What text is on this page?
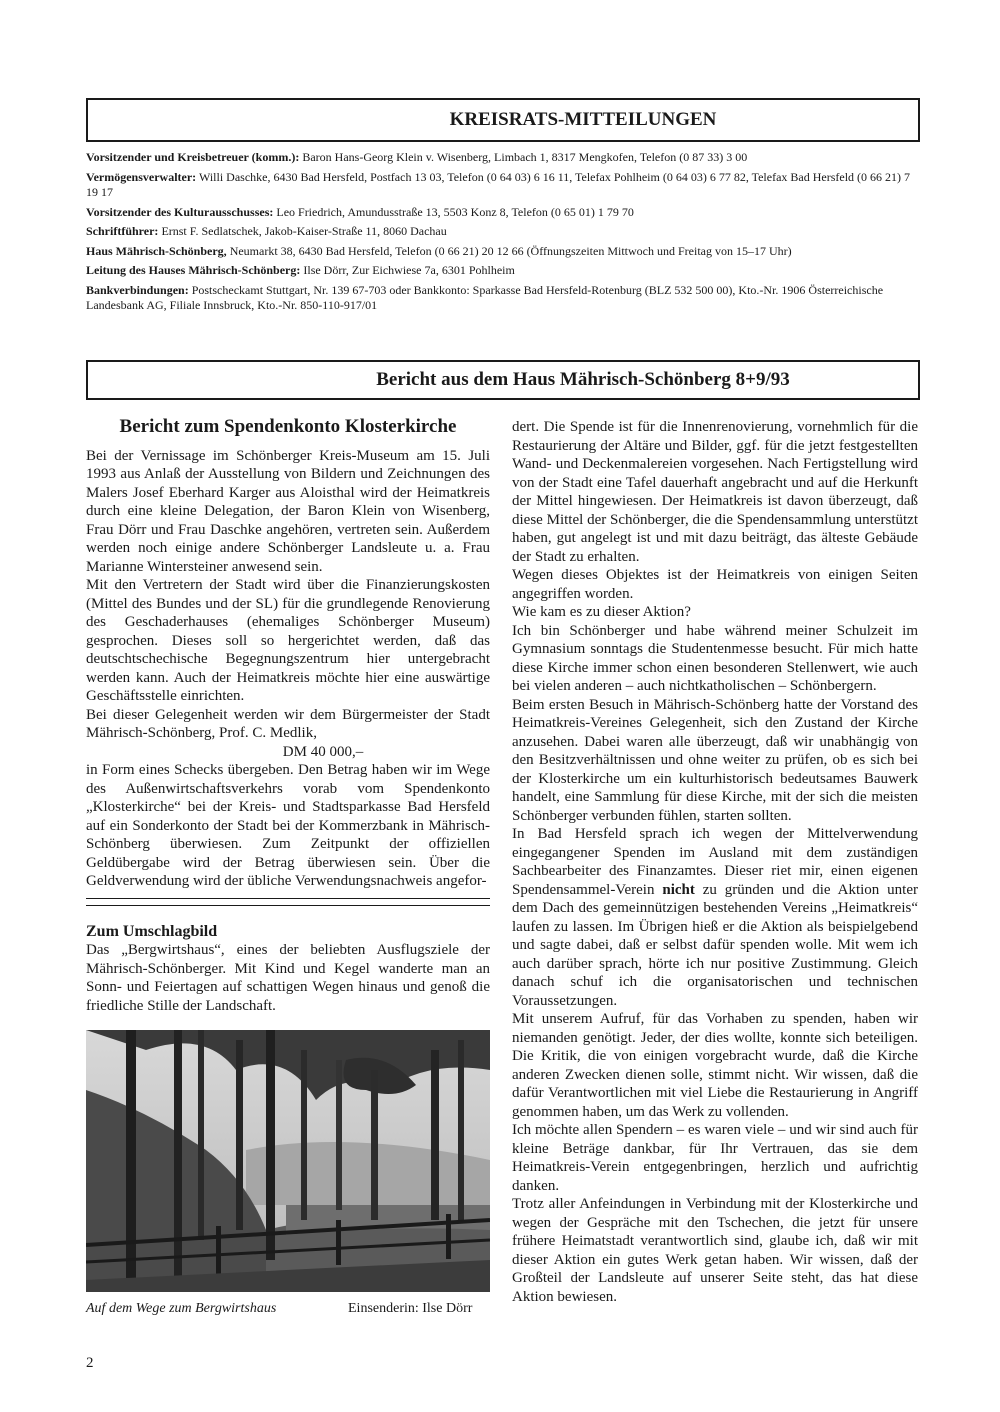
KREISRATS-MITTEILUNGEN

Vorsitzender und Kreisbetreuer (komm.): Baron Hans-Georg Klein v. Wisenberg, Limbach 1, 8317 Mengkofen, Telefon (0 87 33) 3 00

Vermögensverwalter: Willi Daschke, 6430 Bad Hersfeld, Postfach 13 03, Telefon (0 64 03) 6 16 11, Telefax Pohlheim (0 64 03) 6 77 82, Telefax Bad Hersfeld (0 66 21) 7 19 17

Vorsitzender des Kulturausschusses: Leo Friedrich, Amundusstraße 13, 5503 Konz 8, Telefon (0 65 01) 1 79 70

Schriftführer: Ernst F. Sedlatschek, Jakob-Kaiser-Straße 11, 8060 Dachau

Haus Mährisch-Schönberg, Neumarkt 38, 6430 Bad Hersfeld, Telefon (0 66 21) 20 12 66 (Öffnungszeiten Mittwoch und Freitag von 15–17 Uhr)

Leitung des Hauses Mährisch-Schönberg: Ilse Dörr, Zur Eichwiese 7a, 6301 Pohlheim

Bankverbindungen: Postscheckamt Stuttgart, Nr. 139 67-703 oder Bankkonto: Sparkasse Bad Hersfeld-Rotenburg (BLZ 532 500 00), Kto.-Nr. 1906 Österreichische Landesbank AG, Filiale Innsbruck, Kto.-Nr. 850-110-917/01

Bericht aus dem Haus Mährisch-Schönberg 8+9/93
Bericht zum Spendenkonto Klosterkirche

Bei der Vernissage im Schönberger Kreis-Museum am 15. Juli 1993 aus Anlaß der Ausstellung von Bildern und Zeichnungen des Malers Josef Eberhard Karger aus Aloisthal wird der Heimatkreis durch eine kleine Delegation, der Baron Klein von Wisenberg, Frau Dörr und Frau Daschke angehören, vertreten sein. Außerdem werden noch einige andere Schönberger Landsleute u. a. Frau Marianne Wintersteiner anwesend sein.

Mit den Vertretern der Stadt wird über die Finanzierungskosten (Mittel des Bundes und der SL) für die grundlegende Renovierung des Geschaderhauses (ehemaliges Schönberger Museum) gesprochen. Dieses soll so hergerichtet werden, daß das deutschtschechische Begegnungszentrum hier untergebracht werden kann. Auch der Heimatkreis möchte hier eine auswärtige Geschäftsstelle einrichten.

Bei dieser Gelegenheit werden wir dem Bürgermeister der Stadt Mährisch-Schönberg, Prof. C. Medlik,

DM 40 000,–

in Form eines Schecks übergeben. Den Betrag haben wir im Wege des Außenwirtschaftsverkehrs vorab vom Spendenkonto „Klosterkirche“ bei der Kreis- und Stadtsparkasse Bad Hersfeld auf ein Sonderkonto der Stadt bei der Kommerzbank in Mährisch-Schönberg überwiesen. Zum Zeitpunkt der offiziellen Geldübergabe wird der Betrag überwiesen sein. Über die Geldverwendung wird der übliche Verwendungsnachweis angefor-

Zum Umschlagbild

Das „Bergwirtshaus“, eines der beliebten Ausflugsziele der Mährisch-Schönberger. Mit Kind und Kegel wanderte man an Sonn- und Feiertagen auf schattigen Wegen hinaus und genoß die friedliche Stille der Landschaft.

Auf dem Wege zum Bergwirtshaus	Einsenderin: Ilse Dörr

dert. Die Spende ist für die Innenrenovierung, vornehmlich für die Restaurierung der Altäre und Bilder, ggf. für die jetzt festgestellten Wand- und Deckenmalereien vorgesehen. Nach Fertigstellung wird von der Stadt eine Tafel dauerhaft angebracht und auf die Herkunft der Mittel hingewiesen. Der Heimatkreis ist davon überzeugt, daß diese Mittel der Schönberger, die die Spendensammlung unterstützt haben, gut angelegt ist und mit dazu beiträgt, das älteste Gebäude der Stadt zu erhalten.

Wegen dieses Objektes ist der Heimatkreis von einigen Seiten angegriffen worden.

Wie kam es zu dieser Aktion?

Ich bin Schönberger und habe während meiner Schulzeit im Gymnasium sonntags die Studentenmesse besucht. Für mich hatte diese Kirche immer schon einen besonderen Stellenwert, wie auch bei vielen anderen – auch nichtkatholischen – Schönbergern.

Beim ersten Besuch in Mährisch-Schönberg hatte der Vorstand des Heimatkreis-Vereines Gelegenheit, sich den Zustand der Kirche anzusehen. Dabei waren alle überzeugt, daß wir unabhängig von den Besitzverhältnissen und ohne weiter zu prüfen, ob es sich bei der Klosterkirche um ein kulturhistorisch bedeutsames Bauwerk handelt, eine Sammlung für diese Kirche, mit der sich die meisten Schönberger verbunden fühlen, starten sollten.

In Bad Hersfeld sprach ich wegen der Mittelverwendung eingegangener Spenden im Ausland mit dem zuständigen Sachbearbeiter des Finanzamtes. Dieser riet mir, einen eigenen Spendensammel-Verein nicht zu gründen und die Aktion unter dem Dach des gemeinnützigen bestehenden Vereins „Heimatkreis“ laufen zu lassen. Im Übrigen hieß er die Aktion als beispielgebend und sagte dabei, daß er selbst dafür spenden wolle. Mit wem ich auch darüber sprach, hörte ich nur positive Zustimmung. Gleich danach schuf ich die organisatorischen und technischen Voraussetzungen.

Mit unserem Aufruf, für das Vorhaben zu spenden, haben wir niemanden genötigt. Jeder, der dies wollte, konnte sich beteiligen. Die Kritik, die von einigen vorgebracht wurde, daß die Kirche anderen Zwecken dienen solle, stimmt nicht. Wir wissen, daß die dafür Verantwortlichen mit viel Liebe die Restaurierung in Angriff genommen haben, um das Werk zu vollenden.

Ich möchte allen Spendern – es waren viele – und wir sind auch für kleine Beträge dankbar, für Ihr Vertrauen, das sie dem Heimatkreis-Verein entgegenbringen, herzlich und aufrichtig danken.

Trotz aller Anfeindungen in Verbindung mit der Klosterkirche und wegen der Gespräche mit den Tschechen, die jetzt für unsere frühere Heimatstadt verantwortlich sind, glaube ich, daß wir mit dieser Aktion ein gutes Werk getan haben. Wir wissen, daß der Großteil der Landsleute auf unserer Seite steht, das hat diese Aktion bewiesen.

2
